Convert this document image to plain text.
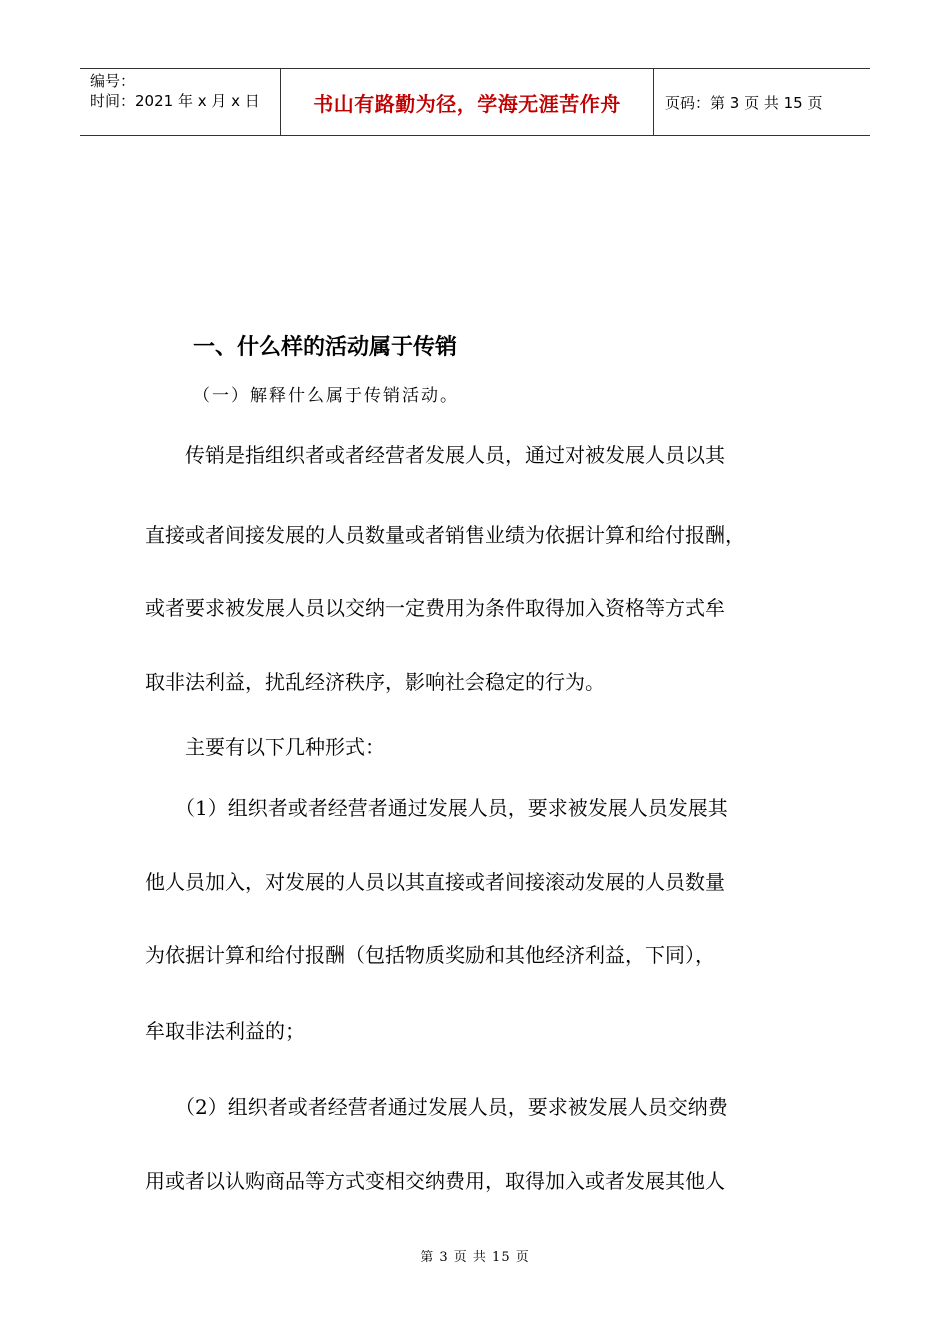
编号：
时间：2021 年 x 月 x 日	书山有路勤为径，学海无涯苦作舟	页码：第 3 页 共 15 页
一、什么样的活动属于传销
（一）解释什么属于传销活动。
　　传销是指组织者或者经营者发展人员，通过对被发展人员以其
直接或者间接发展的人员数量或者销售业绩为依据计算和给付报酬，
或者要求被发展人员以交纳一定费用为条件取得加入资格等方式牟
取非法利益，扰乱经济秩序，影响社会稳定的行为。
　　主要有以下几种形式：
　　（1）组织者或者经营者通过发展人员，要求被发展人员发展其
他人员加入，对发展的人员以其直接或者间接滚动发展的人员数量
为依据计算和给付报酬（包括物质奖励和其他经济利益，下同），
牟取非法利益的；
　　（2）组织者或者经营者通过发展人员，要求被发展人员交纳费
用或者以认购商品等方式变相交纳费用，取得加入或者发展其他人
第 3 页 共 15 页
